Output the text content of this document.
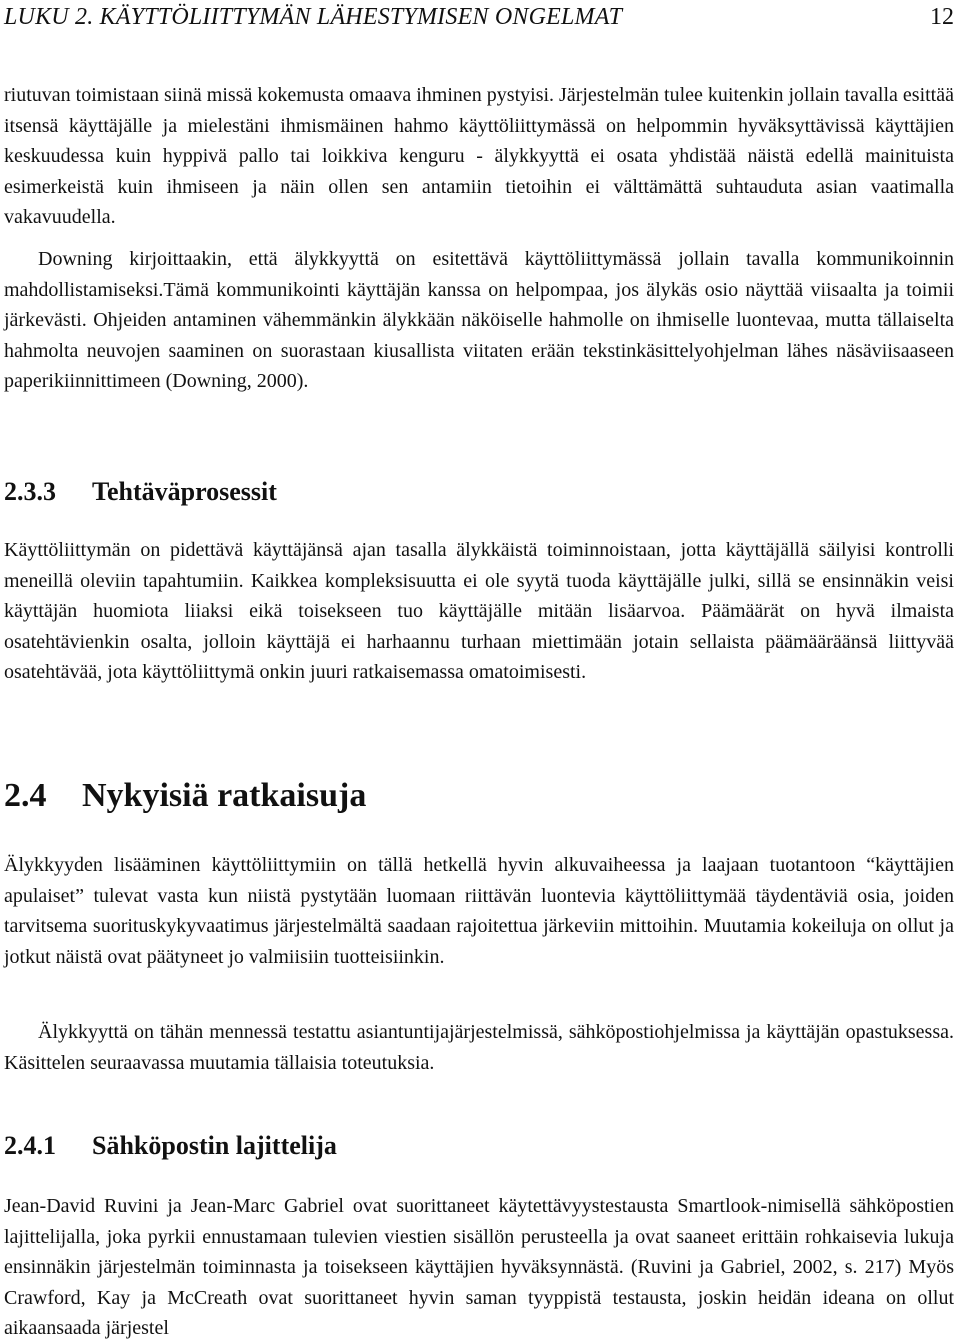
LUKU 2. KÄYTTÖLIITTYMÄN LÄHESTYMISEN ONGELMAT	12
riutuvan toimistaan siinä missä kokemusta omaava ihminen pystyisi. Järjestelmän tulee kuitenkin jollain tavalla esittää itsensä käyttäjälle ja mielestäni ihmismäinen hahmo käyttöliittymässä on helpommin hyväksyttävissä käyttäjien keskuudessa kuin hyppivä pallo tai loikkiva kenguru - älykkyyttä ei osata yhdistää näistä edellä mainituista esimerkeistä kuin ihmiseen ja näin ollen sen antamiin tietoihin ei välttämättä suhtauduta asian vaatimalla vakavuudella.
Downing kirjoittaakin, että älykkyyttä on esitettävä käyttöliittymässä jollain tavalla kommunikoinnin mahdollistamiseksi.Tämä kommunikointi käyttäjän kanssa on helpompaa, jos älykäs osio näyttää viisaalta ja toimii järkevästi. Ohjeiden antaminen vähemmänkin älykkään näköiselle hahmolle on ihmiselle luontevaa, mutta tällaiselta hahmolta neuvojen saaminen on suorastaan kiusallista viitaten erään tekstinkäsittelyohjelman lähes näsäviisaaseen paperikiinnittimeen (Downing, 2000).
2.3.3 Tehtäväprosessit
Käyttöliittymän on pidettävä käyttäjänsä ajan tasalla älykkäistä toiminnoistaan, jotta käyttäjällä säilyisi kontrolli meneillä oleviin tapahtumiin. Kaikkea kompleksisuutta ei ole syytä tuoda käyttäjälle julki, sillä se ensinnäkin veisi käyttäjän huomiota liiaksi eikä toisekseen tuo käyttäjälle mitään lisäarvoa. Päämäärät on hyvä ilmaista osatehtävienkin osalta, jolloin käyttäjä ei harhaannu turhaan miettimään jotain sellaista päämääräänsä liittyvää osatehtävää, jota käyttöliittymä onkin juuri ratkaisemassa omatoimisesti.
2.4 Nykyisiä ratkaisuja
Älykkyyden lisääminen käyttöliittymiin on tällä hetkellä hyvin alkuvaiheessa ja laajaan tuotantoon “käyttäjien apulaiset” tulevat vasta kun niistä pystytään luomaan riittävän luontevia käyttöliittymää täydentäviä osia, joiden tarvitsema suorituskykyvaatimus järjestelmältä saadaan rajoitettua järkeviin mittoihin. Muutamia kokeiluja on ollut ja jotkut näistä ovat päätyneet jo valmiisiin tuotteisiinkin.
Älykkyyttä on tähän mennessä testattu asiantuntijajärjestelmissä, sähköpostiohjelmissa ja käyttäjän opastuksessa. Käsittelen seuraavassa muutamia tällaisia toteutuksia.
2.4.1 Sähköpostin lajittelija
Jean-David Ruvini ja Jean-Marc Gabriel ovat suorittaneet käytettävyystestausta Smartlook-nimisellä sähköpostien lajittelijalla, joka pyrkii ennustamaan tulevien viestien sisällön perusteella ja ovat saaneet erittäin rohkaisevia lukuja ensinnäkin järjestelmän toiminnasta ja toisekseen käyttäjien hyväksynnästä. (Ruvini ja Gabriel, 2002, s. 217) Myös Crawford, Kay ja McCreath ovat suorittaneet hyvin saman tyyppistä testausta, joskin heidän ideana on ollut aikaansaada järjestel
